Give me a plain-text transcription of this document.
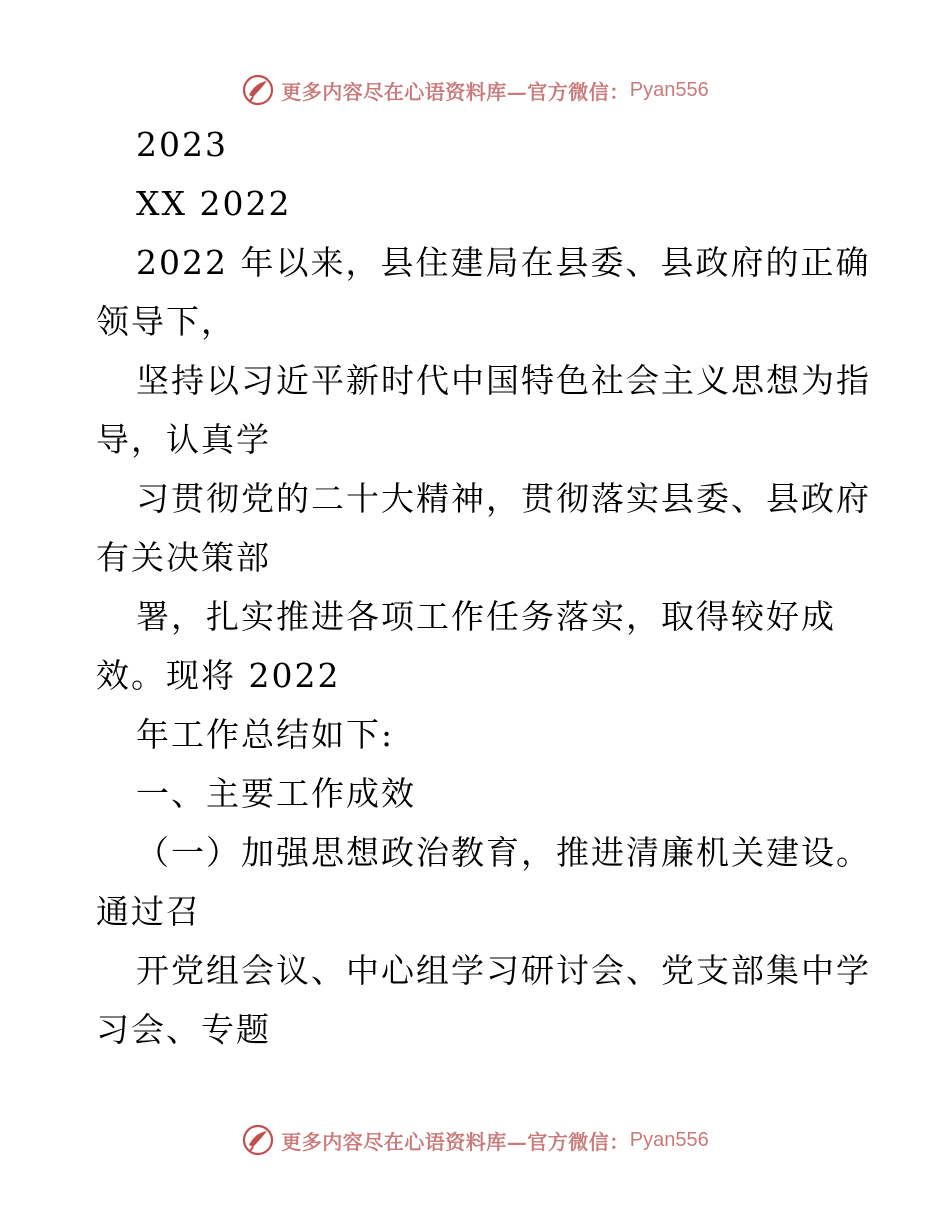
更多内容尽在心语资料库—官方微信： Pyan556
2023
XX 2022
2022 年以来，县住建局在县委、县政府的正确
领导下，
坚持以习近平新时代中国特色社会主义思想为指
导，认真学
习贯彻党的二十大精神，贯彻落实县委、县政府
有关决策部
署，扎实推进各项工作任务落实，取得较好成
效。现将 2022
年工作总结如下:
一、主要工作成效
（一）加强思想政治教育，推进清廉机关建设。
通过召
开党组会议、中心组学习研讨会、党支部集中学
习会、专题
更多内容尽在心语资料库—官方微信： Pyan556
